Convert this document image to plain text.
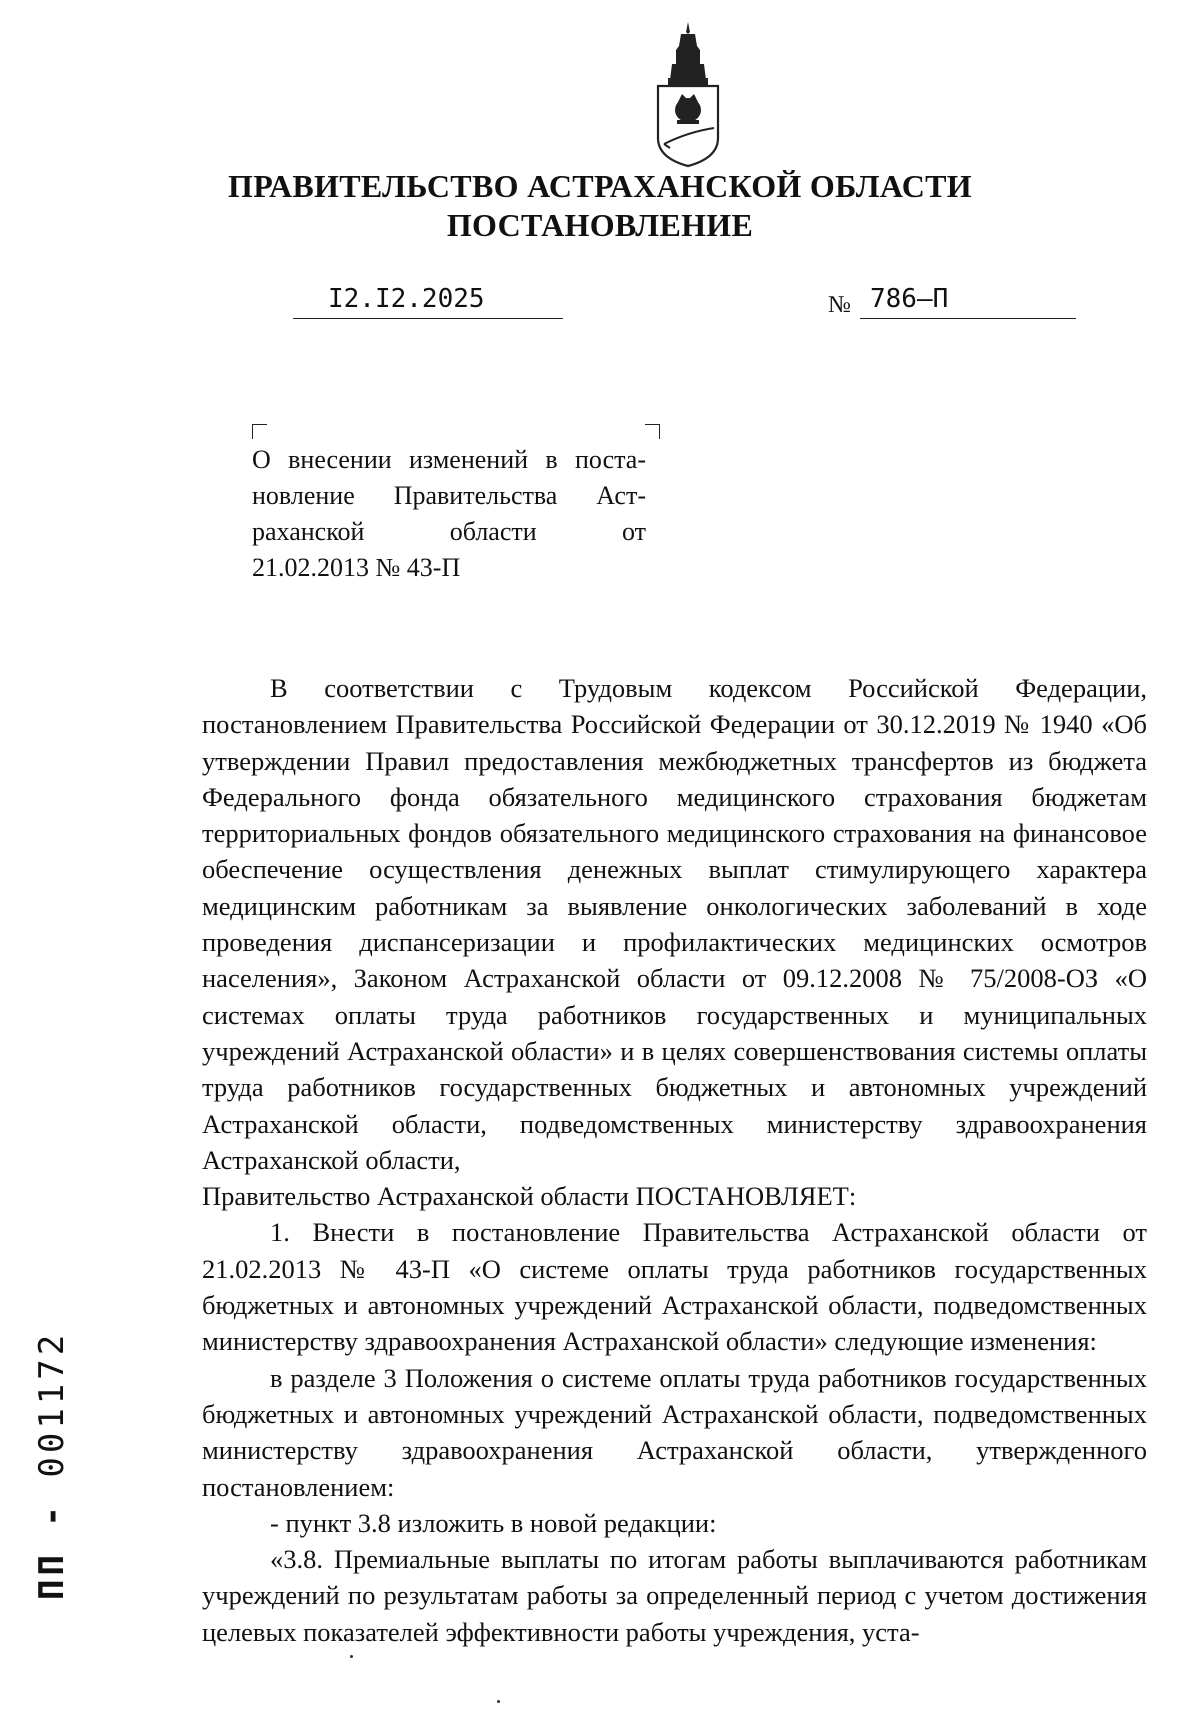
ПРАВИТЕЛЬСТВО АСТРАХАНСКОЙ ОБЛАСТИ
ПОСТАНОВЛЕНИЕ
I2.I2.2025	№ 786–П
О внесении изменений в поста-
новление Правительства Аст-
раханской области от
21.02.2013 № 43-П

В соответствии с Трудовым кодексом Российской Федерации, постановлением Правительства Российской Федерации от 30.12.2019 № 1940 «Об утверждении Правил предоставления межбюджетных трансфертов из бюджета Федерального фонда обязательного медицинского страхования бюджетам территориальных фондов обязательного медицинского страхования на финансовое обеспечение осуществления денежных выплат стимулирующего характера медицинским работникам за выявление онкологических заболеваний в ходе проведения диспансеризации и профилактических медицинских осмотров населения», Законом Астраханской области от 09.12.2008 № 75/2008-ОЗ «О системах оплаты труда работников государственных и муниципальных учреждений Астраханской области» и в целях совершенствования системы оплаты труда работников государственных бюджетных и автономных учреждений Астраханской области, подведомственных министерству здравоохранения Астраханской области,

Правительство Астраханской области ПОСТАНОВЛЯЕТ:

1. Внести в постановление Правительства Астраханской области от 21.02.2013 № 43-П «О системе оплаты труда работников государственных бюджетных и автономных учреждений Астраханской области, подведомственных министерству здравоохранения Астраханской области» следующие изменения:

в разделе 3 Положения о системе оплаты труда работников государственных бюджетных и автономных учреждений Астраханской области, подведомственных министерству здравоохранения Астраханской области, утвержденного постановлением:

- пункт 3.8 изложить в новой редакции:

«3.8. Премиальные выплаты по итогам работы выплачиваются работникам учреждений по результатам работы за определенный период с учетом достижения целевых показателей эффективности работы учреждения, уста-

ПП - 001172
